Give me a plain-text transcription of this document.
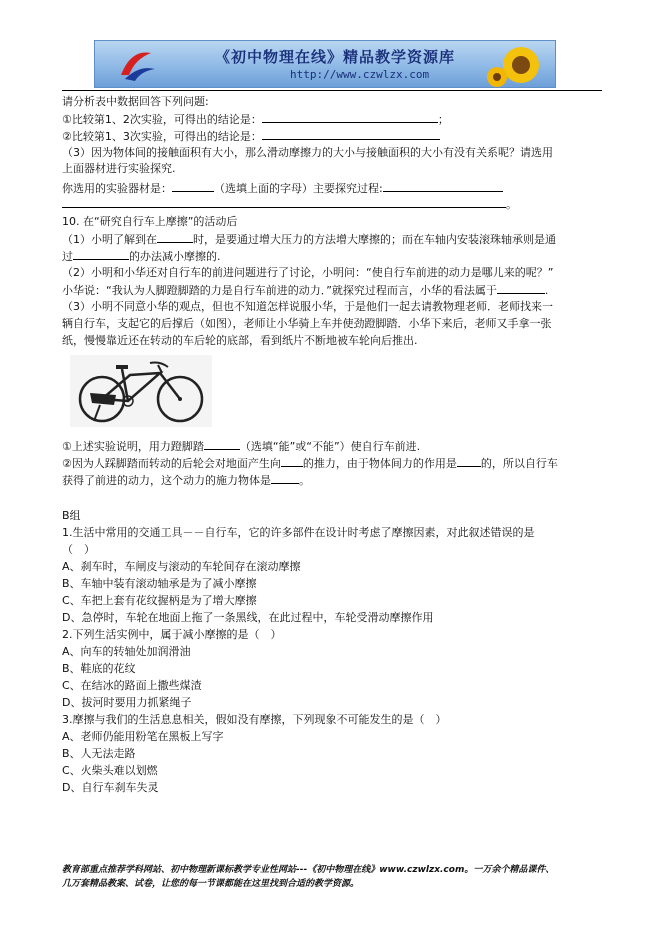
《初中物理在线》精品教学资源库
http://www.czwlzx.com
请分析表中数据回答下列问题:
①比较第1、2次实验，可得出的结论是：	；
②比较第1、3次实验，可得出的结论是：
（3）因为物体间的接触面积有大小，那么滑动摩擦力的大小与接触面积的大小有没有关系呢？请选用
上面器材进行实验探究.
你选用的实验器材是：	（选填上面的字母）主要探究过程:
。
10. 在“研究自行车上摩擦”的活动后
（1）小明了解到在	时，是要通过增大压力的方法增大摩擦的；而在车轴内安装滚珠轴承则是通
过	的办法减小摩擦的.
（2）小明和小华还对自行车的前进问题进行了讨论，小明问：“使自行车前进的动力是哪儿来的呢？”
小华说：“我认为人脚蹬脚踏的力是自行车前进的动力．”就探究过程而言，小华的看法属于	.
（3）小明不同意小华的观点，但也不知道怎样说服小华，于是他们一起去请教物理老师．老师找来一
辆自行车，支起它的后撑后（如图），老师让小华骑上车并使劲蹬脚踏．小华下来后，老师又手拿一张
纸，慢慢靠近还在转动的车后轮的底部，看到纸片不断地被车轮向后推出.
①上述实验说明，用力蹬脚踏	（选填“能”或“不能”）使自行车前进.
②因为人踩脚踏而转动的后轮会对地面产生向 的推力，由于物体间力的作用是 的，所以自行车
获得了前进的动力，这个动力的施力物体是	。
B组
1.生活中常用的交通工具－－自行车，它的许多部件在设计时考虑了摩擦因素，对此叙述错误的是
（　）
A、刹车时，车闸皮与滚动的车轮间存在滚动摩擦
B、车轴中装有滚动轴承是为了减小摩擦
C、车把上套有花纹握柄是为了增大摩擦
D、急停时，车轮在地面上拖了一条黑线，在此过程中，车轮受滑动摩擦作用
2.下列生活实例中，属于减小摩擦的是（　）
A、向车的转轴处加润滑油
B、鞋底的花纹
C、在结冰的路面上撒些煤渣
D、拔河时要用力抓紧绳子
3.摩擦与我们的生活息息相关，假如没有摩擦，下列现象不可能发生的是（　）
A、老师仍能用粉笔在黑板上写字
B、人无法走路
C、火柴头难以划燃
D、自行车刹车失灵
教育部重点推荐学科网站、初中物理新课标教学专业性网站---《初中物理在线》www.czwlzx.com。一万余个精品课件、
几万套精品教案、试卷，让您的每一节课都能在这里找到合适的教学资源。
